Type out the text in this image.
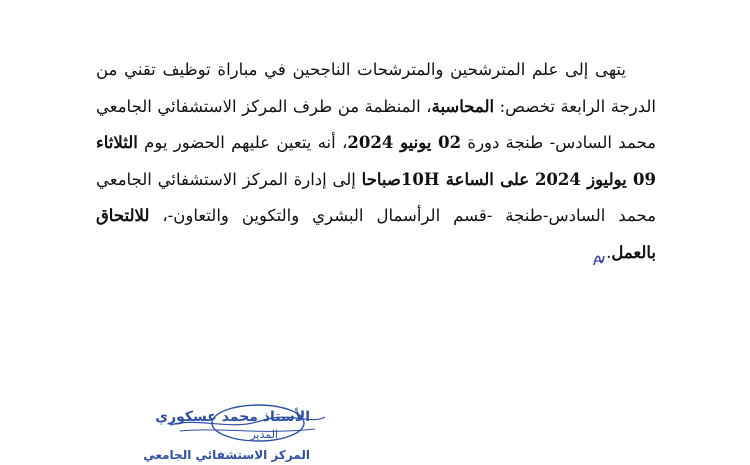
يتهى إلى علم المترشحين والمترشحات الناجحين في مباراة توظيف تقني من الدرجة الرابعة تخصص: المحاسبة، المنظمة من طرف المركز الاستشفائي الجامعي محمد السادس- طنجة دورة 02 يونيو 2024، أنه يتعين عليهم الحضور يوم الثلاثاء 09 يوليوز 2024 على الساعة 10Hصباحا إلى إدارة المركز الاستشفائي الجامعي محمد السادس-طنجة -قسم الرأسمال البشري والتكوين والتعاون-، للالتحاق بالعمل.

الأستاذ محمد عسكوري
المدير
المركز الاستشفائي الجامعي
